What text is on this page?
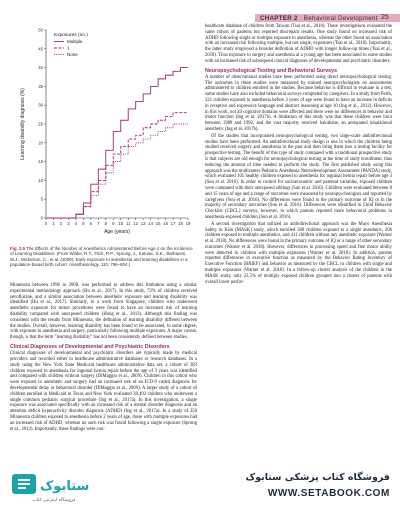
CHAPTER 2 Behavioral Development 25
0 1 2 3 4 5 6 7 8 9 10 11 12 13 14 15 16 17 18 19
0
5
10
15
20
25
30
35
40
45
50
Age (years)
Learning disability diagnosis (%)
Exposures (no.)
Multiple
1
None
Fig. 2.5 The Effects of the Number of Anesthetics Administered Before Age 4 on the Incidence of Learning Disabilities. (From Wilder, R.T., Flick, R.P., Sprung, J., Katusic, S.K., Barbaresi, W.J., Mickelson, C., et al. (2009). Early exposure to anesthesia and learning disabilities in a population-based birth cohort. Anesthesiology, 110, 796–804.)

Minnesota between 1996 to 2000, was performed to address this limitation using a similar experimental methodology approach (Hu et al., 2017). In this study, 72% of children received sevoflurane, and a similar association between anesthetic exposure and learning disability was identified (Hu et al., 2017). Similarly, in a work from Singapore, children who underwent anesthetic exposure for minor procedures were found to have an increased risk of learning disability compared with unexposed children (Hung et al., 2013). Although this finding was consistent with the results from Minnesota, the definition of learning disability differed between the studies. Overall, however, learning disability has been found to be associated, to some degree, with exposure to anesthesia and surgery, particularly following multiple exposures. A major caveat, though, is that the term "learning disability" has not been consistently defined between studies.

Clinical Diagnoses of Developmental and Psychiatric Disorders

Clinical diagnoses of developmental and psychiatric disorders are typically made by medical providers and recorded either in healthcare administrative databases or research databases. In a study using the New York State Medicaid healthcare administrative data set, a cohort of 383 children exposed to anesthesia for inguinal hernia repair before the age of 3 years was identified and compared with children without surgery (DiMaggio et al., 2009). Children in this cohort who were exposed to anesthetic and surgery had an increased risk of an ICD-9 coded diagnosis for developmental delay or behavioral disorder (DiMaggio et al., 2009). A larger study of a cohort of children enrolled in Medicaid in Texas and New York evaluated 38,493 children who underwent a single common pediatric surgical procedure (Ing et al., 2017a). In this investigation, a single exposure was associated specifically with an increased risk of a mental disorder diagnosis and an attention deficit hyperactivity disorder diagnosis (ADHD) (Ing et al., 2017a). In a study of 350 Minnesota children exposed to anesthesia before 2 years of age, those with multiple exposures had an increased risk of ADHD, whereas no such risk was found following a single exposure (Sprung et al., 2012). Importantly, these findings were con-

healthcare database of children from Taiwan (Tsai et al., 2018). These investigations evaluated the same cohort of patients but reported discrepant results. One study found no increased risk of ADHD following single or multiple exposure to anesthesia, whereas the other found an association with an increased risk following multiple, but not single, exposures (Tsai et al., 2018). Importantly, the latter study employed a broader definition of ADHD with longer follow-up times (Tsai et al., 2018). Thus exposure to surgery and anesthesia at a young age has been associated in some studies with an increased risk of subsequent clinical diagnoses of developmental and psychiatric disorders.

Neuropsychological Testing and Behavioral Surveys

A number of observational studies have been performed using direct neuropsychological testing. The outcomes in these studies were measured by trained neuropsychologists on assessments administered to children enrolled in the studies. Because behavior is difficult to evaluate in a test, some studies have also included behavioral surveys completed by caregivers. In a study from Perth, 321 children exposed to anesthesia before 3 years of age were found to have an increase in deficits in receptive and expressive language and abstract reasoning at age 10 (Ing et al., 2012). However, in this work, not all cognitive domains were affected and there were no differences in behavior and motor function (Ing et al. 2017b). A limitation of this study was that these children were born between 1989 and 1992, and the vast majority received halothane, an antiquated inhalational anesthetic (Ing et al. 2017b).

Of the studies that incorporated neuropsychological testing, two large-scale ambidirectional studies have been performed. An ambidirectional study design is one in which the children being studied received surgery and anesthesia in the past and then bring them into a testing facility for prospective testing. The benefit of this type of study compared with a traditional prospective study is that subjects are old enough for neuropsychological testing at the time of study enrollment, thus reducing the amount of time needed to perform the study. The first published study using this approach was the multicenter Pediatric Anesthesia Neurodevelopment Assessment (PANDA) study, which evaluated 105 healthy children exposed to anesthesia for inguinal hernia repair before age 3 (Sun et al. 2016). In order to control for socioeconomic and parental variables, exposed children were compared with their unexposed siblings (Sun et al. 2016). Children were evaluated between 8 and 15 years of age and a range of outcomes were measured by neuropsychologists and reported by caregivers (Sun et al. 2016). No differences were found in the primary outcome of IQ or in the majority of secondary outcomes (Sun et al. 2016). Differences were identified in Child Behavior Checklist (CBCL) surveys, however, in which parents reported more behavioral problems in anesthesia-exposed children (Sun et al. 2016).

A second investigation that utilized an ambidirectional approach was the Mayo Anesthesia Safety in Kids (MASK) study, which enrolled 380 children exposed to a single anesthetic, 206 children exposed to multiple anesthetics, and 411 children without any anesthetic exposure (Warner et al. 2018). No differences were found in the primary outcome of IQ or a range of other secondary outcomes (Warner et al. 2018). However, differences in processing speed and fine motor ability were detected in children with multiple exposures (Warner et al. 2018). In addition, parents reported differences in executive function as measured by the Behavior Rating Inventory of Executive Function (BRIEF) and behavior as measured by the CBCL in children with single and multiple exposures (Warner et al. 2018). In a follow-up cluster analysis of the children in the MASK study, only 23.5% of multiply exposed children grouped into a cluster of patients with overall lower perfor-

ستابوک
فروشگاه اینترنتی کتاب
فروشگاه کتاب پزشکی ستابوک
WWW.SETABOOK.COM
